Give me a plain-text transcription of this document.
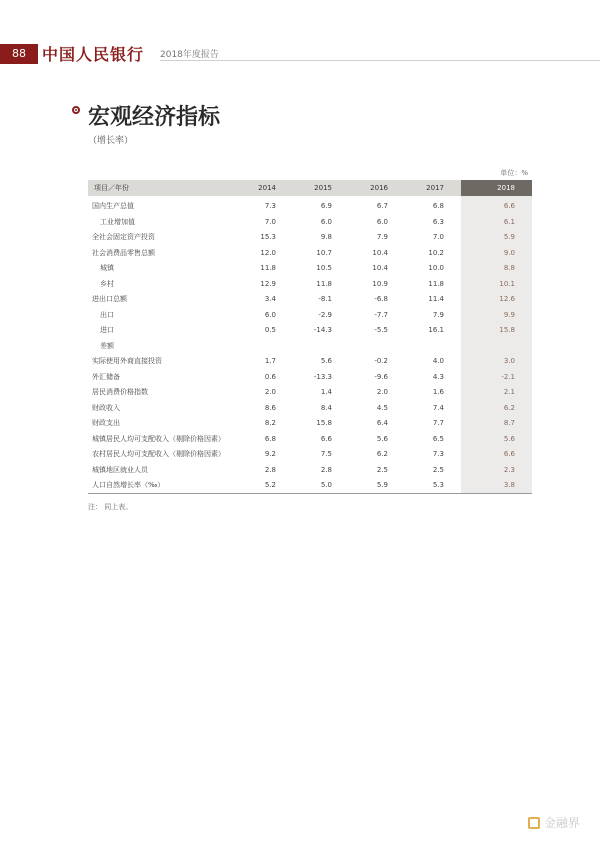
88	中国人民银行 2018年度报告
宏观经济指标
（增长率）
单位：%
项目／年份	2014	2015	2016	2017	2018
国内生产总值	7.3	6.9	6.7	6.8	6.6
工业增加值	7.0	6.0	6.0	6.3	6.1
全社会固定资产投资	15.3	9.8	7.9	7.0	5.9
社会消费品零售总额	12.0	10.7	10.4	10.2	9.0
城镇	11.8	10.5	10.4	10.0	8.8
乡村	12.9	11.8	10.9	11.8	10.1
进出口总额	3.4	-8.1	-6.8	11.4	12.6
出口	6.0	-2.9	-7.7	7.9	9.9
进口	0.5	-14.3	-5.5	16.1	15.8
差额					
实际使用外商直接投资	1.7	5.6	-0.2	4.0	3.0
外汇储备	0.6	-13.3	-9.6	4.3	-2.1
居民消费价格指数	2.0	1.4	2.0	1.6	2.1
财政收入	8.6	8.4	4.5	7.4	6.2
财政支出	8.2	15.8	6.4	7.7	8.7
城镇居民人均可支配收入（剔除价格因素）	6.8	6.6	5.6	6.5	5.6
农村居民人均可支配收入（剔除价格因素）	9.2	7.5	6.2	7.3	6.6
城镇地区就业人员	2.8	2.8	2.5	2.5	2.3
人口自然增长率（‰）	5.2	5.0	5.9	5.3	3.8
注： 同上表。
金融界
